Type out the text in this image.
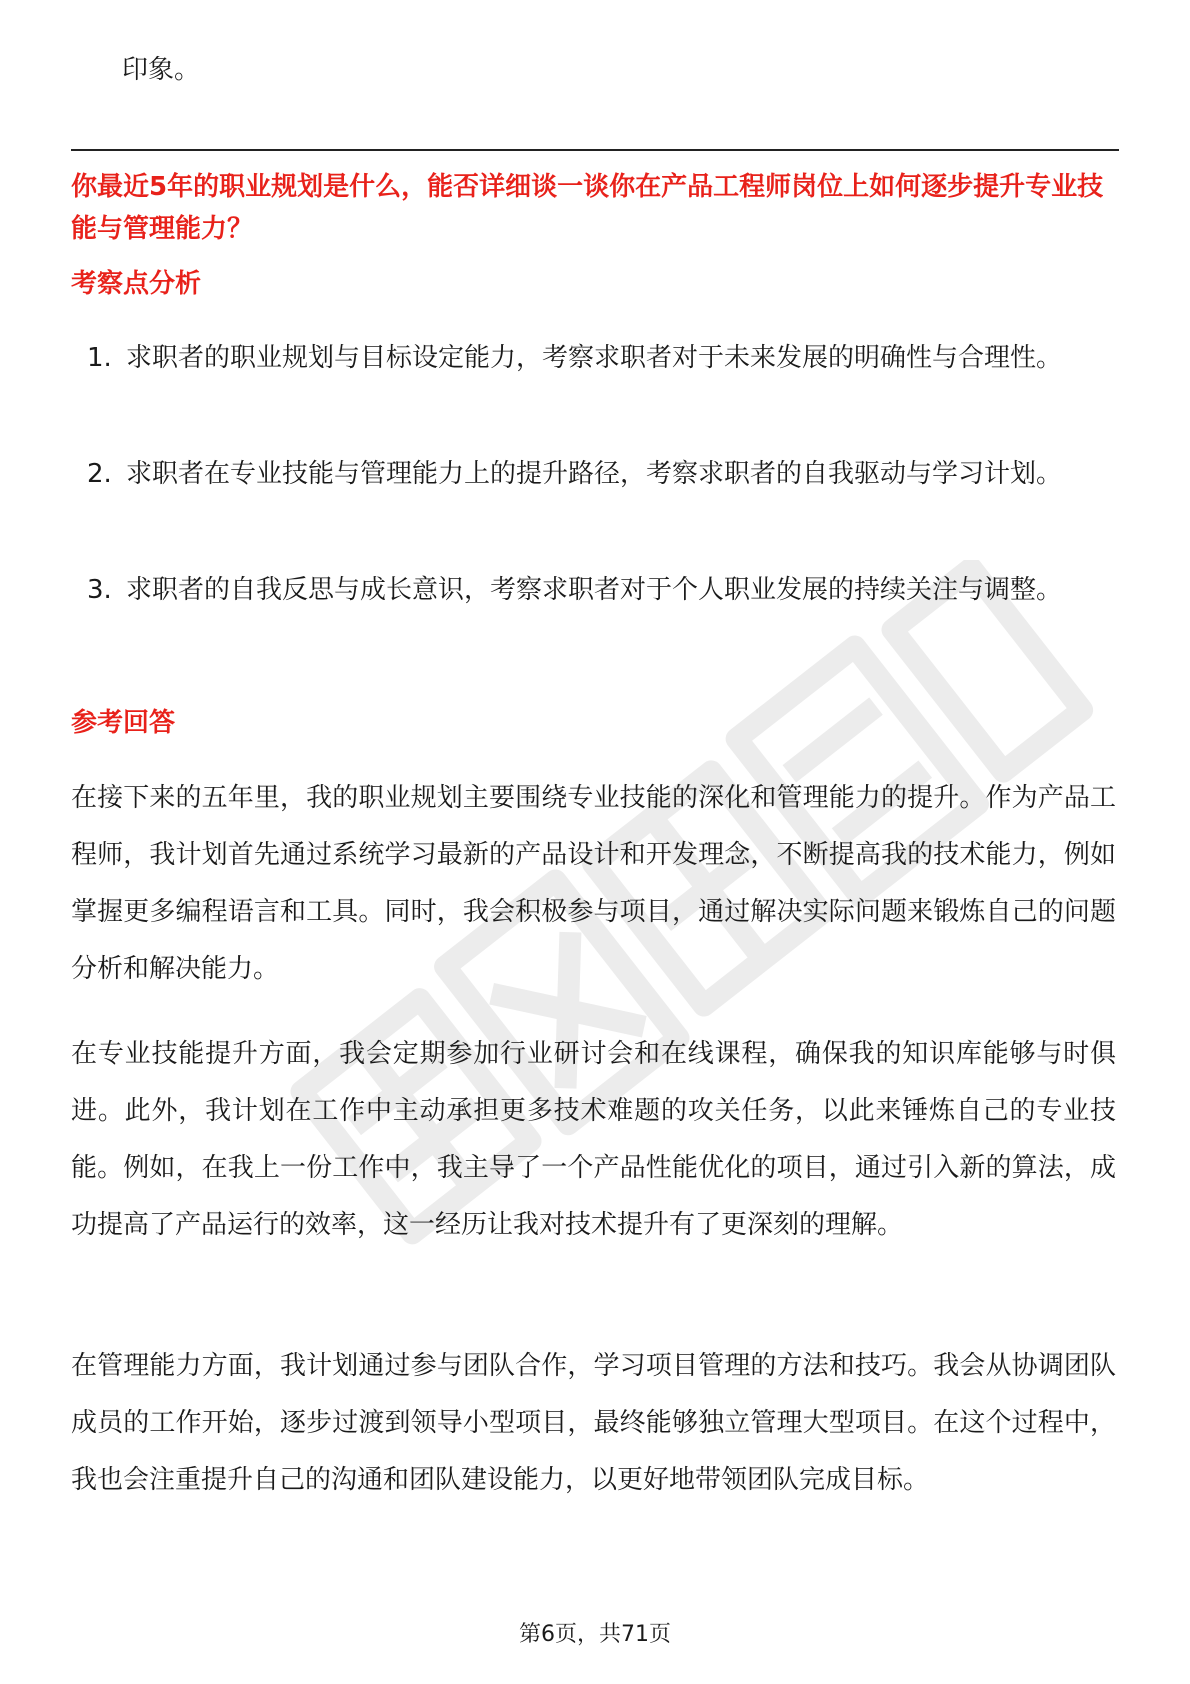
印象。

你最近5年的职业规划是什么，能否详细谈一谈你在产品工程师岗位上如何逐步提升专业技能与管理能力？
考察点分析
1. 求职者的职业规划与目标设定能力，考察求职者对于未来发展的明确性与合理性。

2. 求职者在专业技能与管理能力上的提升路径，考察求职者的自我驱动与学习计划。

3. 求职者的自我反思与成长意识，考察求职者对于个人职业发展的持续关注与调整。

参考回答

在接下来的五年里，我的职业规划主要围绕专业技能的深化和管理能力的提升。作为产品工程师，我计划首先通过系统学习最新的产品设计和开发理念，不断提高我的技术能力，例如掌握更多编程语言和工具。同时，我会积极参与项目，通过解决实际问题来锻炼自己的问题分析和解决能力。

在专业技能提升方面，我会定期参加行业研讨会和在线课程，确保我的知识库能够与时俱进。此外，我计划在工作中主动承担更多技术难题的攻关任务，以此来锤炼自己的专业技能。例如，在我上一份工作中，我主导了一个产品性能优化的项目，通过引入新的算法，成功提高了产品运行的效率，这一经历让我对技术提升有了更深刻的理解。

在管理能力方面，我计划通过参与团队合作，学习项目管理的方法和技巧。我会从协调团队成员的工作开始，逐步过渡到领导小型项目，最终能够独立管理大型项目。在这个过程中，我也会注重提升自己的沟通和团队建设能力，以更好地带领团队完成目标。

第6页，共71页
